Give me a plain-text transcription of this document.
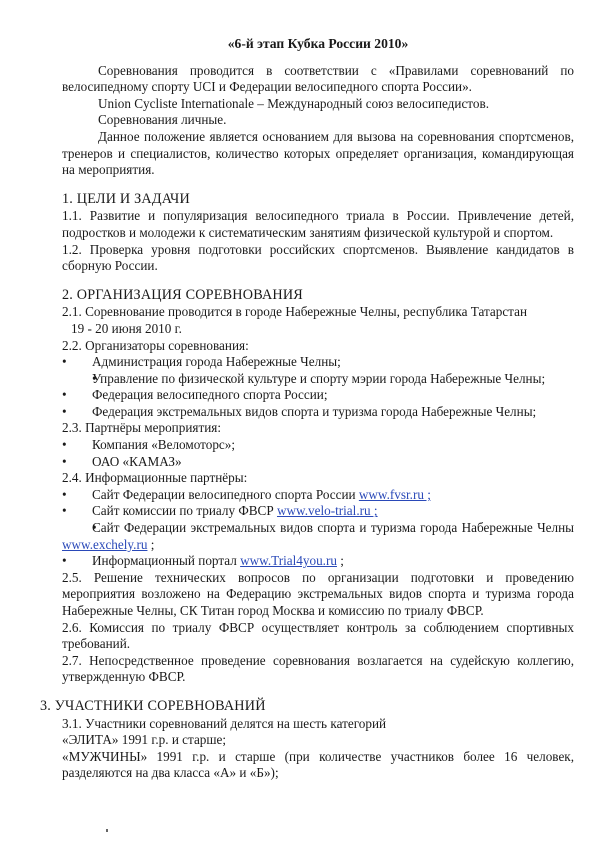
«6-й этап Кубка России 2010»

Соревнования проводится в соответствии с «Правилами соревнований по велосипедному спорту UCI и Федерации велосипедного спорта России».

Union Cycliste Internationale – Международный союз велосипедистов.

Соревнования личные.

Данное положение является основанием для вызова на соревнования спортсменов, тренеров и специалистов, количество которых определяет организация, командирующая на мероприятия.

1. ЦЕЛИ И ЗАДАЧИ

1.1. Развитие и популяризация велосипедного триала в России. Привлечение детей, подростков и молодежи к систематическим занятиям физической культурой и спортом.

1.2. Проверка уровня подготовки российских спортсменов. Выявление кандидатов в сборную России.

2. ОРГАНИЗАЦИЯ СОРЕВНОВАНИЯ

2.1. Соревнование проводится в городе Набережные Челны, республика Татарстан

19 - 20 июня 2010 г.

2.2. Организаторы соревнования:

• Администрация города Набережные Челны;

• Управление по физической культуре и спорту мэрии города Набережные Челны;

• Федерация велосипедного спорта России;

• Федерация экстремальных видов спорта и туризма города Набережные Челны;

2.3. Партнёры мероприятия:

• Компания «Веломоторс»;

• ОАО «КАМАЗ»

2.4. Информационные партнёры:

• Сайт Федерации велосипедного спорта России www.fvsr.ru ;

• Сайт комиссии по триалу ФВСР www.velo-trial.ru ;

• Сайт Федерации экстремальных видов спорта и туризма города Набережные Челны www.exchely.ru ;

• Информационный портал www.Trial4you.ru ;

2.5. Решение технических вопросов по организации подготовки и проведению мероприятия возложено на Федерацию экстремальных видов спорта и туризма города Набережные Челны, СК Титан город Москва и комиссию по триалу ФВСР.

2.6. Комиссия по триалу ФВСР осуществляет контроль за соблюдением спортивных требований.

2.7. Непосредственное проведение соревнования возлагается на судейскую коллегию, утвержденную ФВСР.

3. УЧАСТНИКИ СОРЕВНОВАНИЙ

3.1. Участники соревнований делятся на шесть категорий

«ЭЛИТА» 1991 г.р. и старше;

«МУЖЧИНЫ» 1991 г.р. и старше (при количестве участников более 16 человек, разделяются на два класса «А» и «Б»);
